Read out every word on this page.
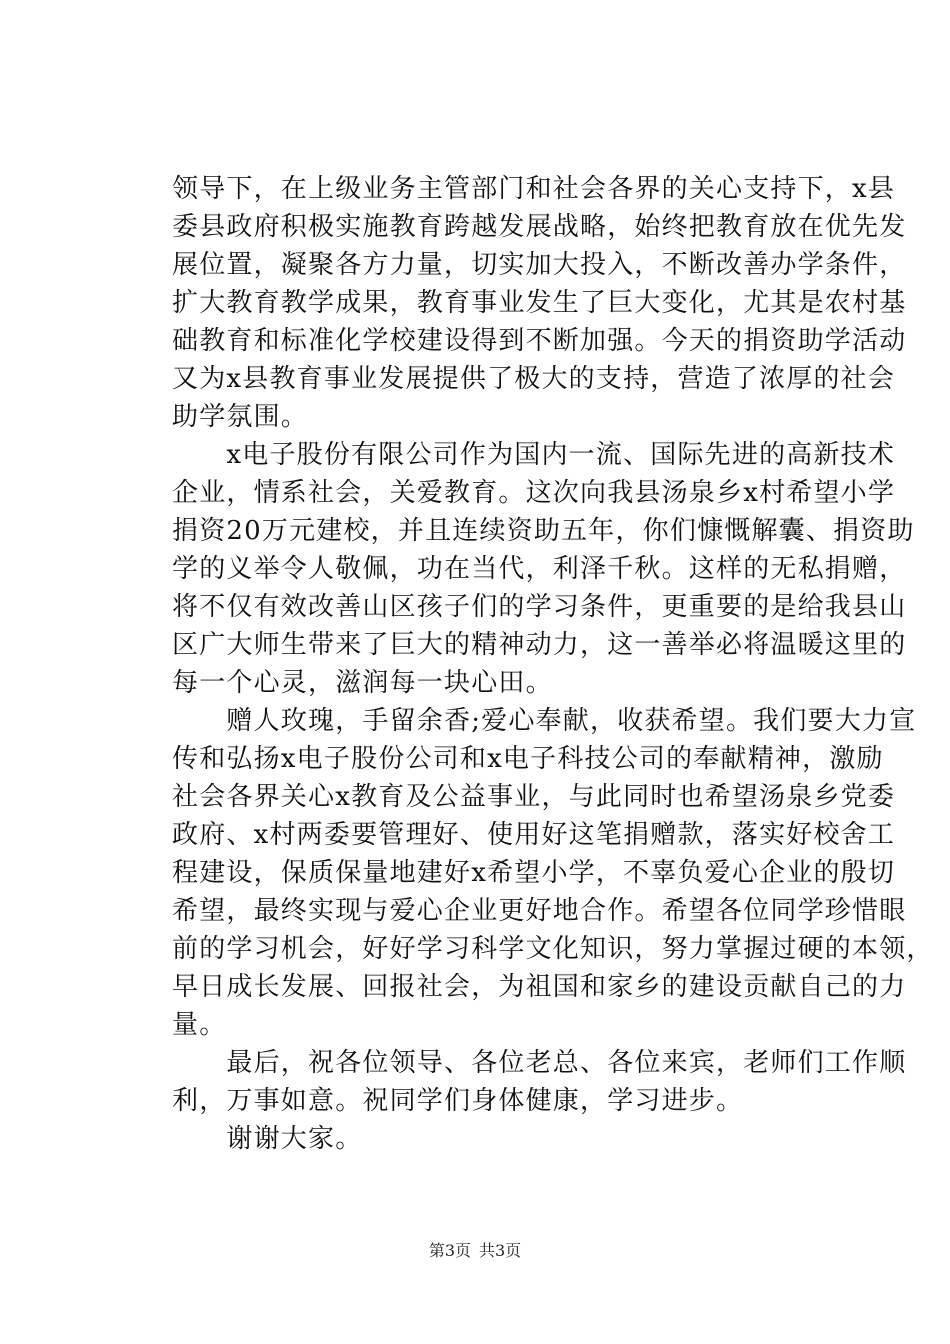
领导下，在上级业务主管部门和社会各界的关心支持下，x县
委县政府积极实施教育跨越发展战略，始终把教育放在优先发
展位置，凝聚各方力量，切实加大投入，不断改善办学条件，
扩大教育教学成果，教育事业发生了巨大变化，尤其是农村基
础教育和标准化学校建设得到不断加强。今天的捐资助学活动
又为x县教育事业发展提供了极大的支持，营造了浓厚的社会
助学氛围。
　　x电子股份有限公司作为国内一流、国际先进的高新技术
企业，情系社会，关爱教育。这次向我县汤泉乡x村希望小学
捐资20万元建校，并且连续资助五年，你们慷慨解囊、捐资助
学的义举令人敬佩，功在当代，利泽千秋。这样的无私捐赠，
将不仅有效改善山区孩子们的学习条件，更重要的是给我县山
区广大师生带来了巨大的精神动力，这一善举必将温暖这里的
每一个心灵，滋润每一块心田。
　　赠人玫瑰，手留余香;爱心奉献，收获希望。我们要大力宣
传和弘扬x电子股份公司和x电子科技公司的奉献精神，激励
社会各界关心x教育及公益事业，与此同时也希望汤泉乡党委
政府、x村两委要管理好、使用好这笔捐赠款，落实好校舍工
程建设，保质保量地建好x希望小学，不辜负爱心企业的殷切
希望，最终实现与爱心企业更好地合作。希望各位同学珍惜眼
前的学习机会，好好学习科学文化知识，努力掌握过硬的本领，
早日成长发展、回报社会，为祖国和家乡的建设贡献自己的力
量。
　　最后，祝各位领导、各位老总、各位来宾，老师们工作顺
利，万事如意。祝同学们身体健康，学习进步。
　　谢谢大家。
第3页 共3页
